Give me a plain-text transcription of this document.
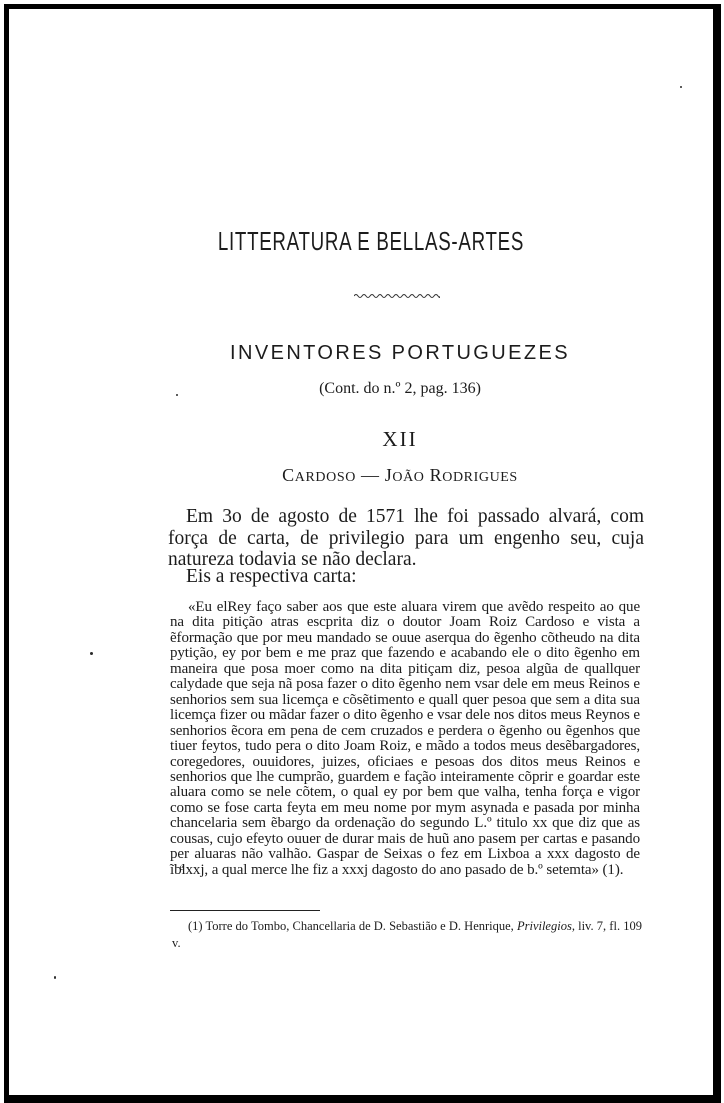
LITTERATURA E BELLAS-ARTES
INVENTORES PORTUGUEZES
(Cont. do n.º 2, pag. 136)
XII
CARDOSO — JOÃO RODRIGUES

Em 3o de agosto de 1571 lhe foi passado alvará, com força de carta, de privilegio para um engenho seu, cuja natureza todavia se não declara.

Eis a respectiva carta:

«Eu elRey faço saber aos que este aluara virem que avẽdo respeito ao que na dita pitição atras escprita diz o doutor Joam Roiz Cardoso e vista a ẽformação que por meu mandado se ouue aserqua do ẽgenho cõtheudo na dita pytição, ey por bem e me praz que fazendo e acabando ele o dito ẽgenho em maneira que posa moer como na dita pitiçam diz, pesoa algũa de quallquer calydade que seja nã posa fazer o dito ẽgenho nem vsar dele em meus Reinos e senhorios sem sua licemça e cõsẽtimento e quall quer pesoa que sem a dita sua licemça fizer ou mãdar fazer o dito ẽgenho e vsar dele nos ditos meus Reynos e senhorios ẽcora em pena de cem cruzados e perdera o ẽgenho ou ẽgenhos que tiuer feytos, tudo pera o dito Joam Roiz, e mãdo a todos meus desẽbargadores, coregedores, ouuidores, juizes, oficiaes e pesoas dos ditos meus Reinos e senhorios que lhe cumprão, guardem e fação inteiramente cõprir e goardar este aluara como se nele cõtem, o qual ey por bem que valha, tenha força e vigor como se fose carta feyta em meu nome por mym asynada e pasada por minha chancelaria sem ẽbargo da ordenação do segundo L.º titulo xx que diz que as cousas, cujo efeyto ouuer de durar mais de huũ ano pasem per cartas e pasando per aluaras não valhão. Gaspar de Seixas o fez em Lixboa a xxx dagosto de ĩbͤlxxj, a qual merce lhe fiz a xxxj dagosto do ano pasado de b.º setemta» (1).

(1) Torre do Tombo, Chancellaria de D. Sebastião e D. Henrique, Privilegios, liv. 7, fl. 109 v.
